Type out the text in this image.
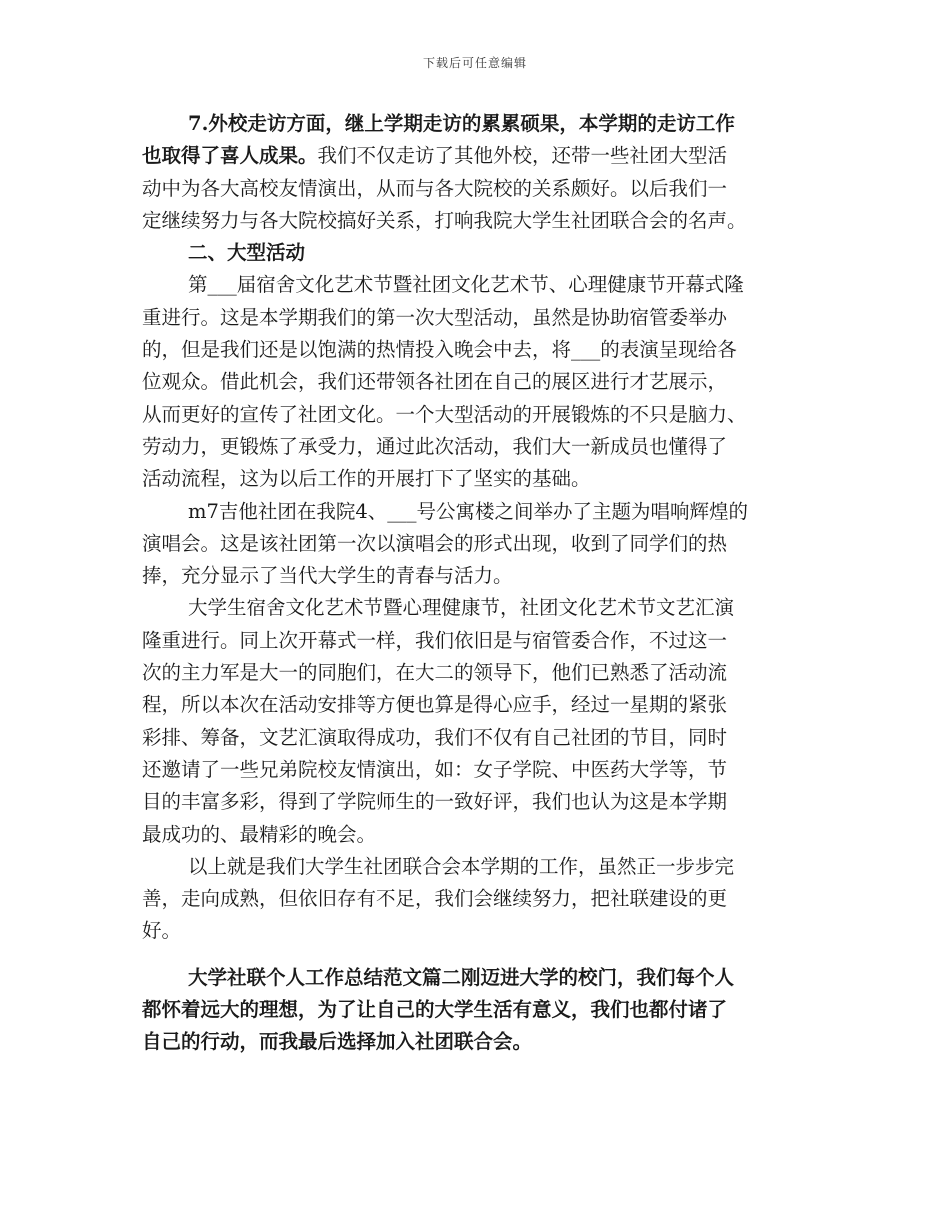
下载后可任意编辑
7.外校走访方面，继上学期走访的累累硕果，本学期的走访工作
也取得了喜人成果。我们不仅走访了其他外校，还带一些社团大型活
动中为各大高校友情演出，从而与各大院校的关系颇好。以后我们一
定继续努力与各大院校搞好关系，打响我院大学生社团联合会的名声。
二、大型活动
第___届宿舍文化艺术节暨社团文化艺术节、心理健康节开幕式隆
重进行。这是本学期我们的第一次大型活动，虽然是协助宿管委举办
的，但是我们还是以饱满的热情投入晚会中去，将___的表演呈现给各
位观众。借此机会，我们还带领各社团在自己的展区进行才艺展示，
从而更好的宣传了社团文化。一个大型活动的开展锻炼的不只是脑力、
劳动力，更锻炼了承受力，通过此次活动，我们大一新成员也懂得了
活动流程，这为以后工作的开展打下了坚实的基础。
m7吉他社团在我院4、___号公寓楼之间举办了主题为唱响辉煌的
演唱会。这是该社团第一次以演唱会的形式出现，收到了同学们的热
捧，充分显示了当代大学生的青春与活力。
大学生宿舍文化艺术节暨心理健康节，社团文化艺术节文艺汇演
隆重进行。同上次开幕式一样，我们依旧是与宿管委合作，不过这一
次的主力军是大一的同胞们，在大二的领导下，他们已熟悉了活动流
程，所以本次在活动安排等方便也算是得心应手，经过一星期的紧张
彩排、筹备，文艺汇演取得成功，我们不仅有自己社团的节目，同时
还邀请了一些兄弟院校友情演出，如：女子学院、中医药大学等，节
目的丰富多彩，得到了学院师生的一致好评，我们也认为这是本学期
最成功的、最精彩的晚会。
以上就是我们大学生社团联合会本学期的工作，虽然正一步步完
善，走向成熟，但依旧存有不足，我们会继续努力，把社联建设的更
好。
大学社联个人工作总结范文篇二刚迈进大学的校门，我们每个人
都怀着远大的理想，为了让自己的大学生活有意义，我们也都付诸了
自己的行动，而我最后选择加入社团联合会。
